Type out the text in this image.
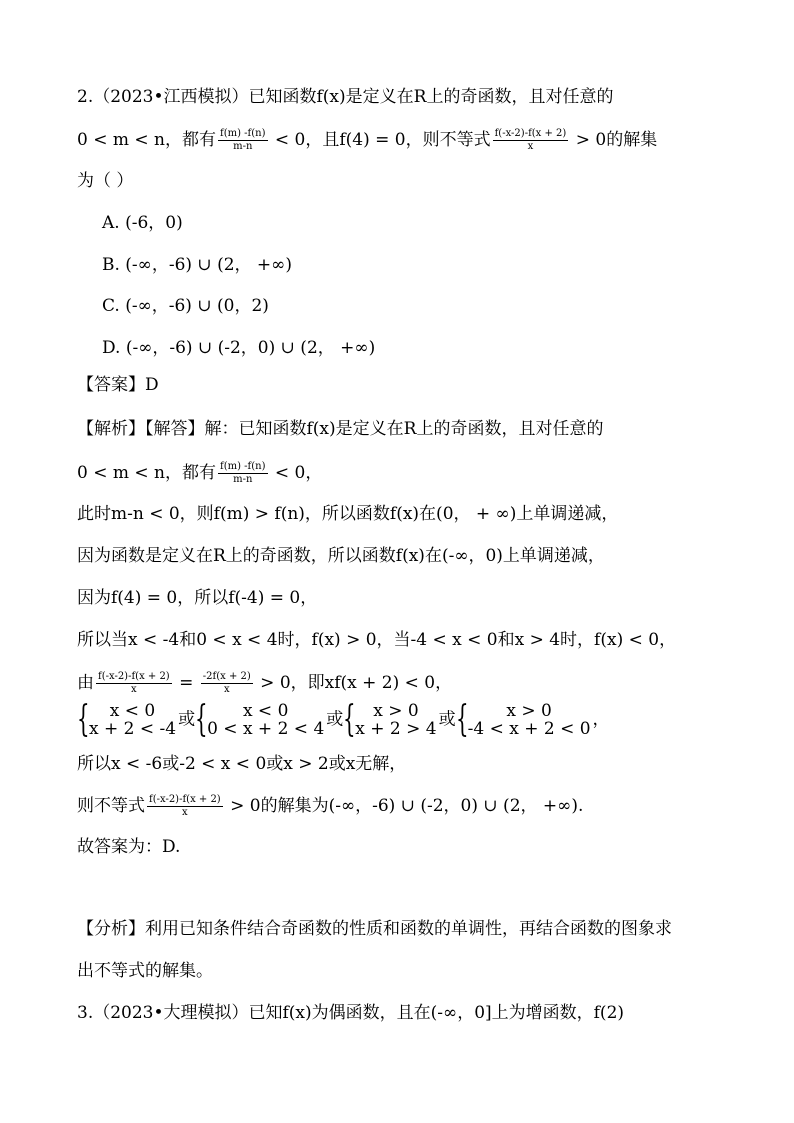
2.（2023•江西模拟）已知函数f(x)是定义在R上的奇函数，且对任意的
0 < m < n，都有 $\frac{f(m) -f(n)}{m-n} < 0$，且f(4) = 0，则不等式 $\frac{f(-x-2)-f(x + 2)}{x} > 0$的解集
为（ ）
A. (-6，0)
B. (-∞，-6) ∪ (2， +∞)
C. (-∞，-6) ∪ (0，2)
D. (-∞，-6) ∪ (-2，0) ∪ (2， +∞)
【答案】D
【解析】【解答】解：已知函数f(x)是定义在R上的奇函数，且对任意的
0 < m < n，都有 $\frac{f(m) -f(n)}{m-n} < 0$，
此时m-n < 0，则f(m) > f(n)，所以函数f(x)在(0， + ∞)上单调递减，
因为函数是定义在R上的奇函数，所以函数f(x)在(-∞，0)上单调递减，
因为f(4) = 0，所以f(-4) = 0，
所以当x < -4和0 < x < 4时，f(x) > 0，当-4 < x < 0和x > 4时，f(x) < 0，
由 $\frac{f(-x-2)-f(x + 2)}{x} = \frac{-2f(x + 2)}{x} > 0$，即xf(x + 2) < 0，
{	x < 0
x + 2 < -4 或 {	x < 0
0 < x + 2 < 4 或 {	x > 0
x + 2 > 4 或 {	x > 0
-4 < x + 2 < 0 ，
所以x < -6或-2 < x < 0或x > 2或x无解，
则不等式 $\frac{f(-x-2)-f(x + 2)}{x} > 0$的解集为(-∞，-6) ∪ (-2，0) ∪ (2， +∞).
故答案为：D.
【分析】利用已知条件结合奇函数的性质和函数的单调性，再结合函数的图象求
出不等式的解集。
3.（2023•大理模拟）已知f(x)为偶函数，且在(-∞，0]上为增函数，f(2)
